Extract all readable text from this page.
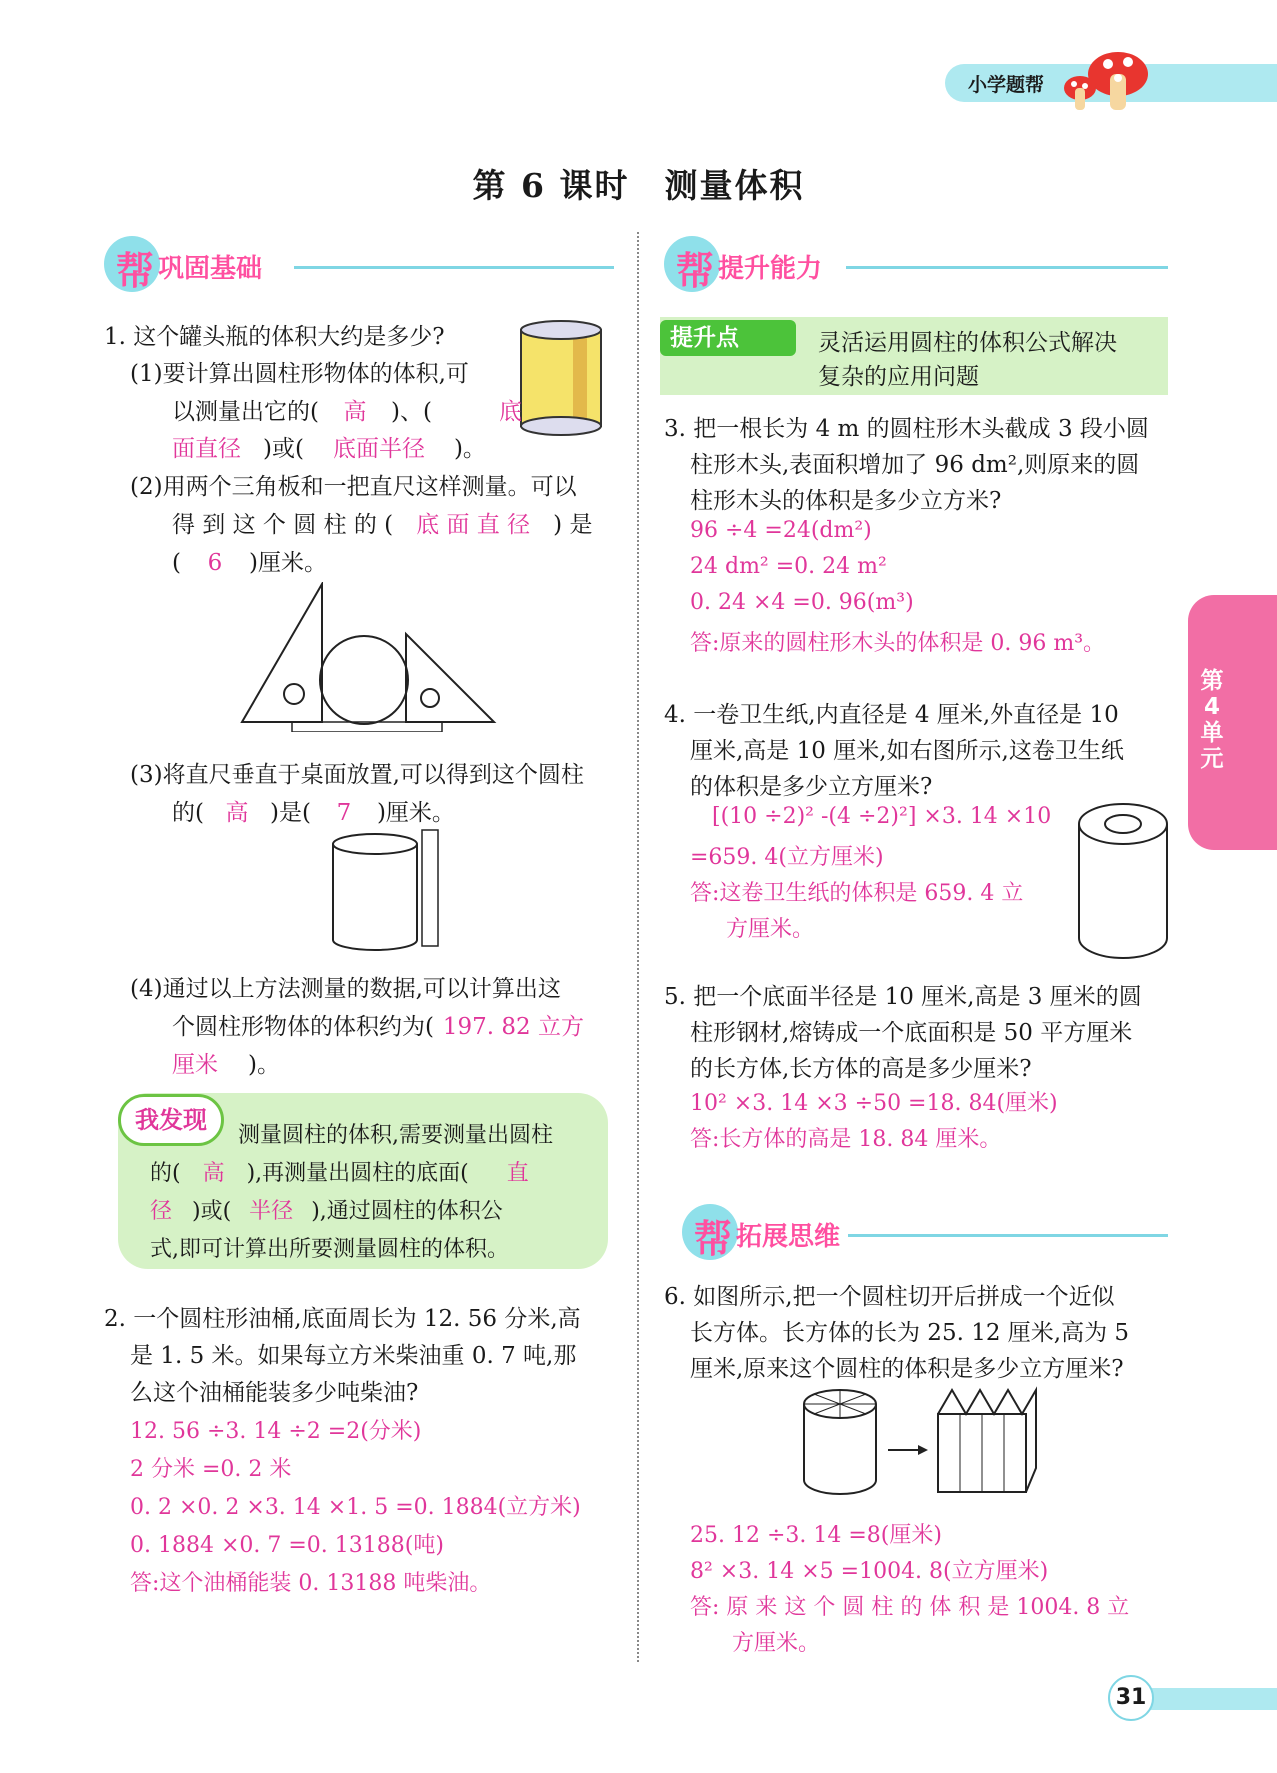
小学题帮
第 6 课时　测量体积
帮 巩固基础
1. 这个罐头瓶的体积大约是多少?
(1)要计算出圆柱形物体的体积,可
以测量出它的( 高 )、(	底
面直径 )或( 底面半径 )。
(2)用两个三角板和一把直尺这样测量。可以
得 到 这 个 圆 柱 的 ( 底 面 直 径 ) 是
( 6 )厘米。
(3)将直尺垂直于桌面放置,可以得到这个圆柱
的( 高 )是( 7 )厘米。
(4)通过以上方法测量的数据,可以计算出这
个圆柱形物体的体积约为( 197. 82 立方
厘米 )。
我发现
测量圆柱的体积,需要测量出圆柱
的( 高 ),再测量出圆柱的底面( 直
径 )或( 半径 ),通过圆柱的体积公
式,即可计算出所要测量圆柱的体积。
2. 一个圆柱形油桶,底面周长为 12. 56 分米,高
是 1. 5 米。如果每立方米柴油重 0. 7 吨,那
么这个油桶能装多少吨柴油?
12. 56 ÷3. 14 ÷2 =2(分米)
2 分米 =0. 2 米
0. 2 ×0. 2 ×3. 14 ×1. 5 =0. 1884(立方米)
0. 1884 ×0. 7 =0. 13188(吨)
答:这个油桶能装 0. 13188 吨柴油。
帮 提升能力
提升点	灵活运用圆柱的体积公式解决
复杂的应用问题
3. 把一根长为 4 m 的圆柱形木头截成 3 段小圆
柱形木头,表面积增加了 96 dm²,则原来的圆
柱形木头的体积是多少立方米?
96 ÷4 =24(dm²)
24 dm² =0. 24 m²
0. 24 ×4 =0. 96(m³)
答:原来的圆柱形木头的体积是 0. 96 m³。
第4单元
4. 一卷卫生纸,内直径是 4 厘米,外直径是 10
厘米,高是 10 厘米,如右图所示,这卷卫生纸
的体积是多少立方厘米?
[(10 ÷2)² -(4 ÷2)²] ×3. 14 ×10
=659. 4(立方厘米)
答:这卷卫生纸的体积是 659. 4 立
方厘米。
5. 把一个底面半径是 10 厘米,高是 3 厘米的圆
柱形钢材,熔铸成一个底面积是 50 平方厘米
的长方体,长方体的高是多少厘米?
10² ×3. 14 ×3 ÷50 =18. 84(厘米)
答:长方体的高是 18. 84 厘米。
帮 拓展思维
6. 如图所示,把一个圆柱切开后拼成一个近似
长方体。长方体的长为 25. 12 厘米,高为 5
厘米,原来这个圆柱的体积是多少立方厘米?
25. 12 ÷3. 14 =8(厘米)
8² ×3. 14 ×5 =1004. 8(立方厘米)
答: 原 来 这 个 圆 柱 的 体 积 是 1004. 8 立
方厘米。
31
